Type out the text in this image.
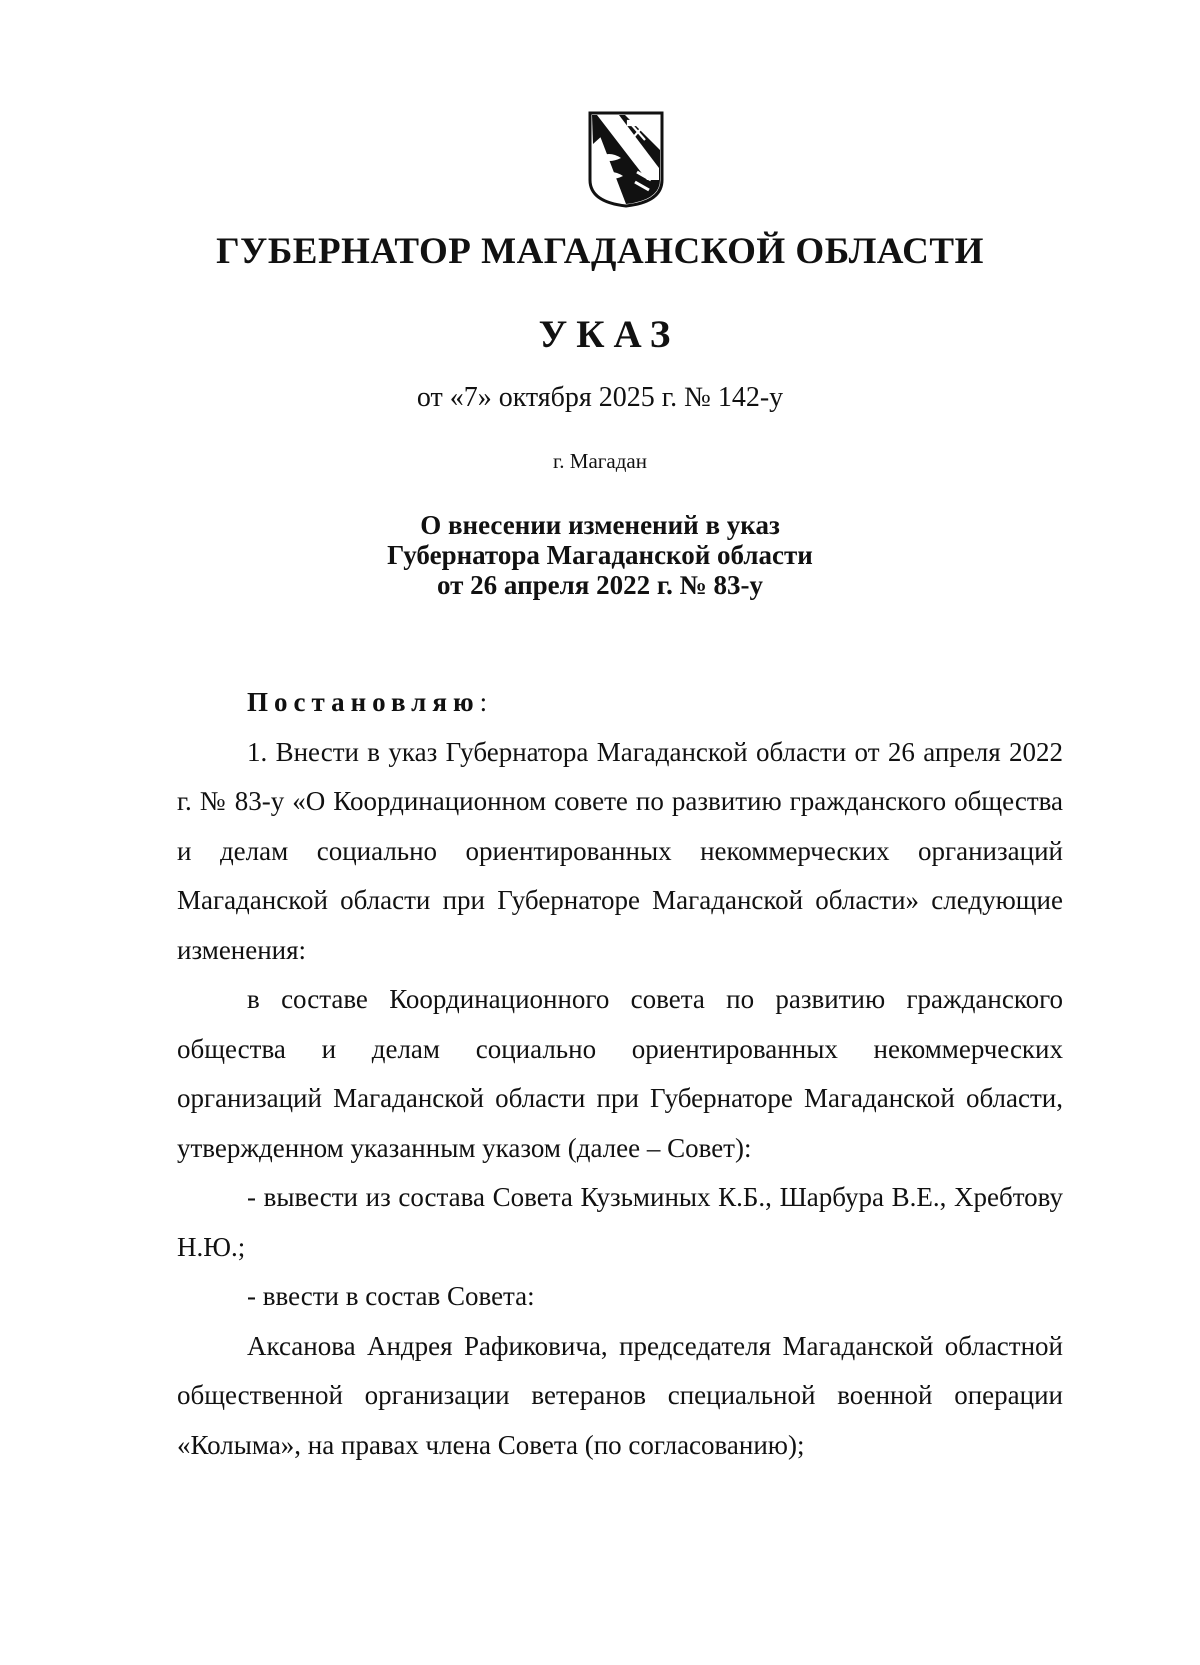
ГУБЕРНАТОР МАГАДАНСКОЙ ОБЛАСТИ
УКАЗ
от «7» октября 2025 г. № 142-у
г. Магадан
О внесении изменений в указ
Губернатора Магаданской области
от 26 апреля 2022 г. № 83-у

Постановляю:

1. Внести в указ Губернатора Магаданской области от 26 апреля 2022 г. № 83-у «О Координационном совете по развитию гражданского общества и делам социально ориентированных некоммерческих организаций Магаданской области при Губернаторе Магаданской области» следующие изменения:

в составе Координационного совета по развитию гражданского общества и делам социально ориентированных некоммерческих организаций Магаданской области при Губернаторе Магаданской области, утвержденном указанным указом (далее – Совет):

- вывести из состава Совета Кузьминых К.Б., Шарбура В.Е., Хребтову Н.Ю.;

- ввести в состав Совета:

Аксанова Андрея Рафиковича, председателя Магаданской областной общественной организации ветеранов специальной военной операции «Колыма», на правах члена Совета (по согласованию);
